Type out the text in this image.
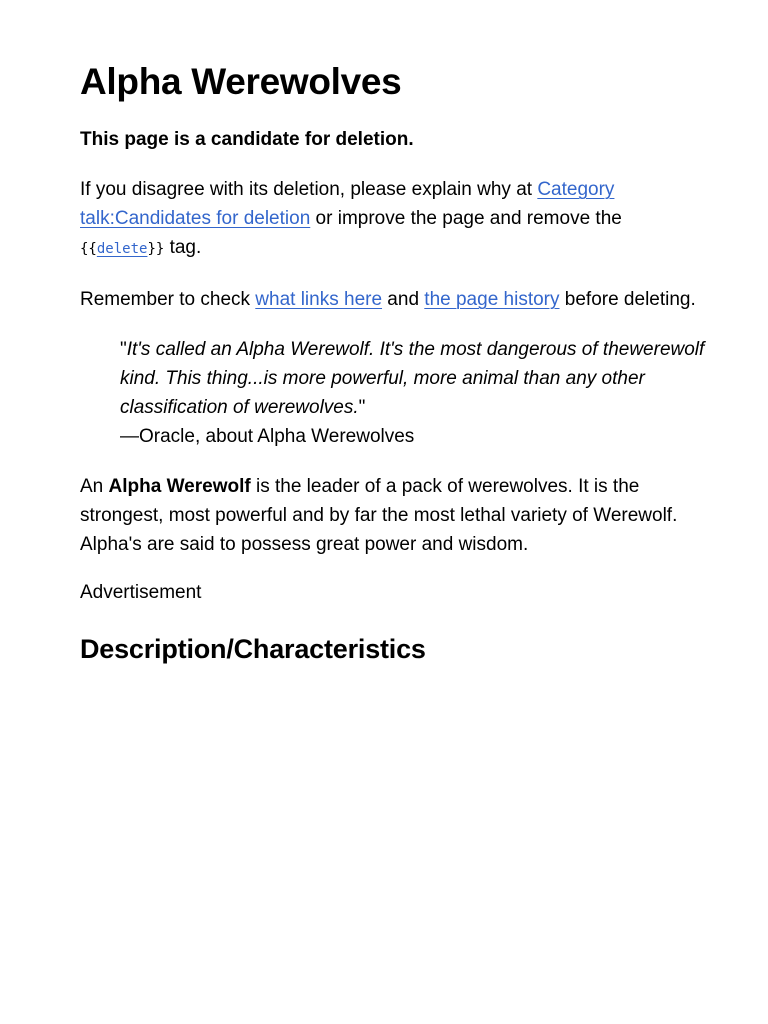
Alpha Werewolves

This page is a candidate for deletion.

If you disagree with its deletion, please explain why at Category talk:Candidates for deletion or improve the page and remove the
{{delete}} tag.

Remember to check what links here and the page history before deleting.

"It's called an Alpha Werewolf. It's the most dangerous of thewerewolf kind. This thing...is more powerful, more animal than any other classification of werewolves."

—Oracle, about Alpha Werewolves

An Alpha Werewolf is the leader of a pack of werewolves. It is the strongest, most powerful and by far the most lethal variety of Werewolf. Alpha's are said to possess great power and wisdom.

Advertisement

Description/Characteristics
